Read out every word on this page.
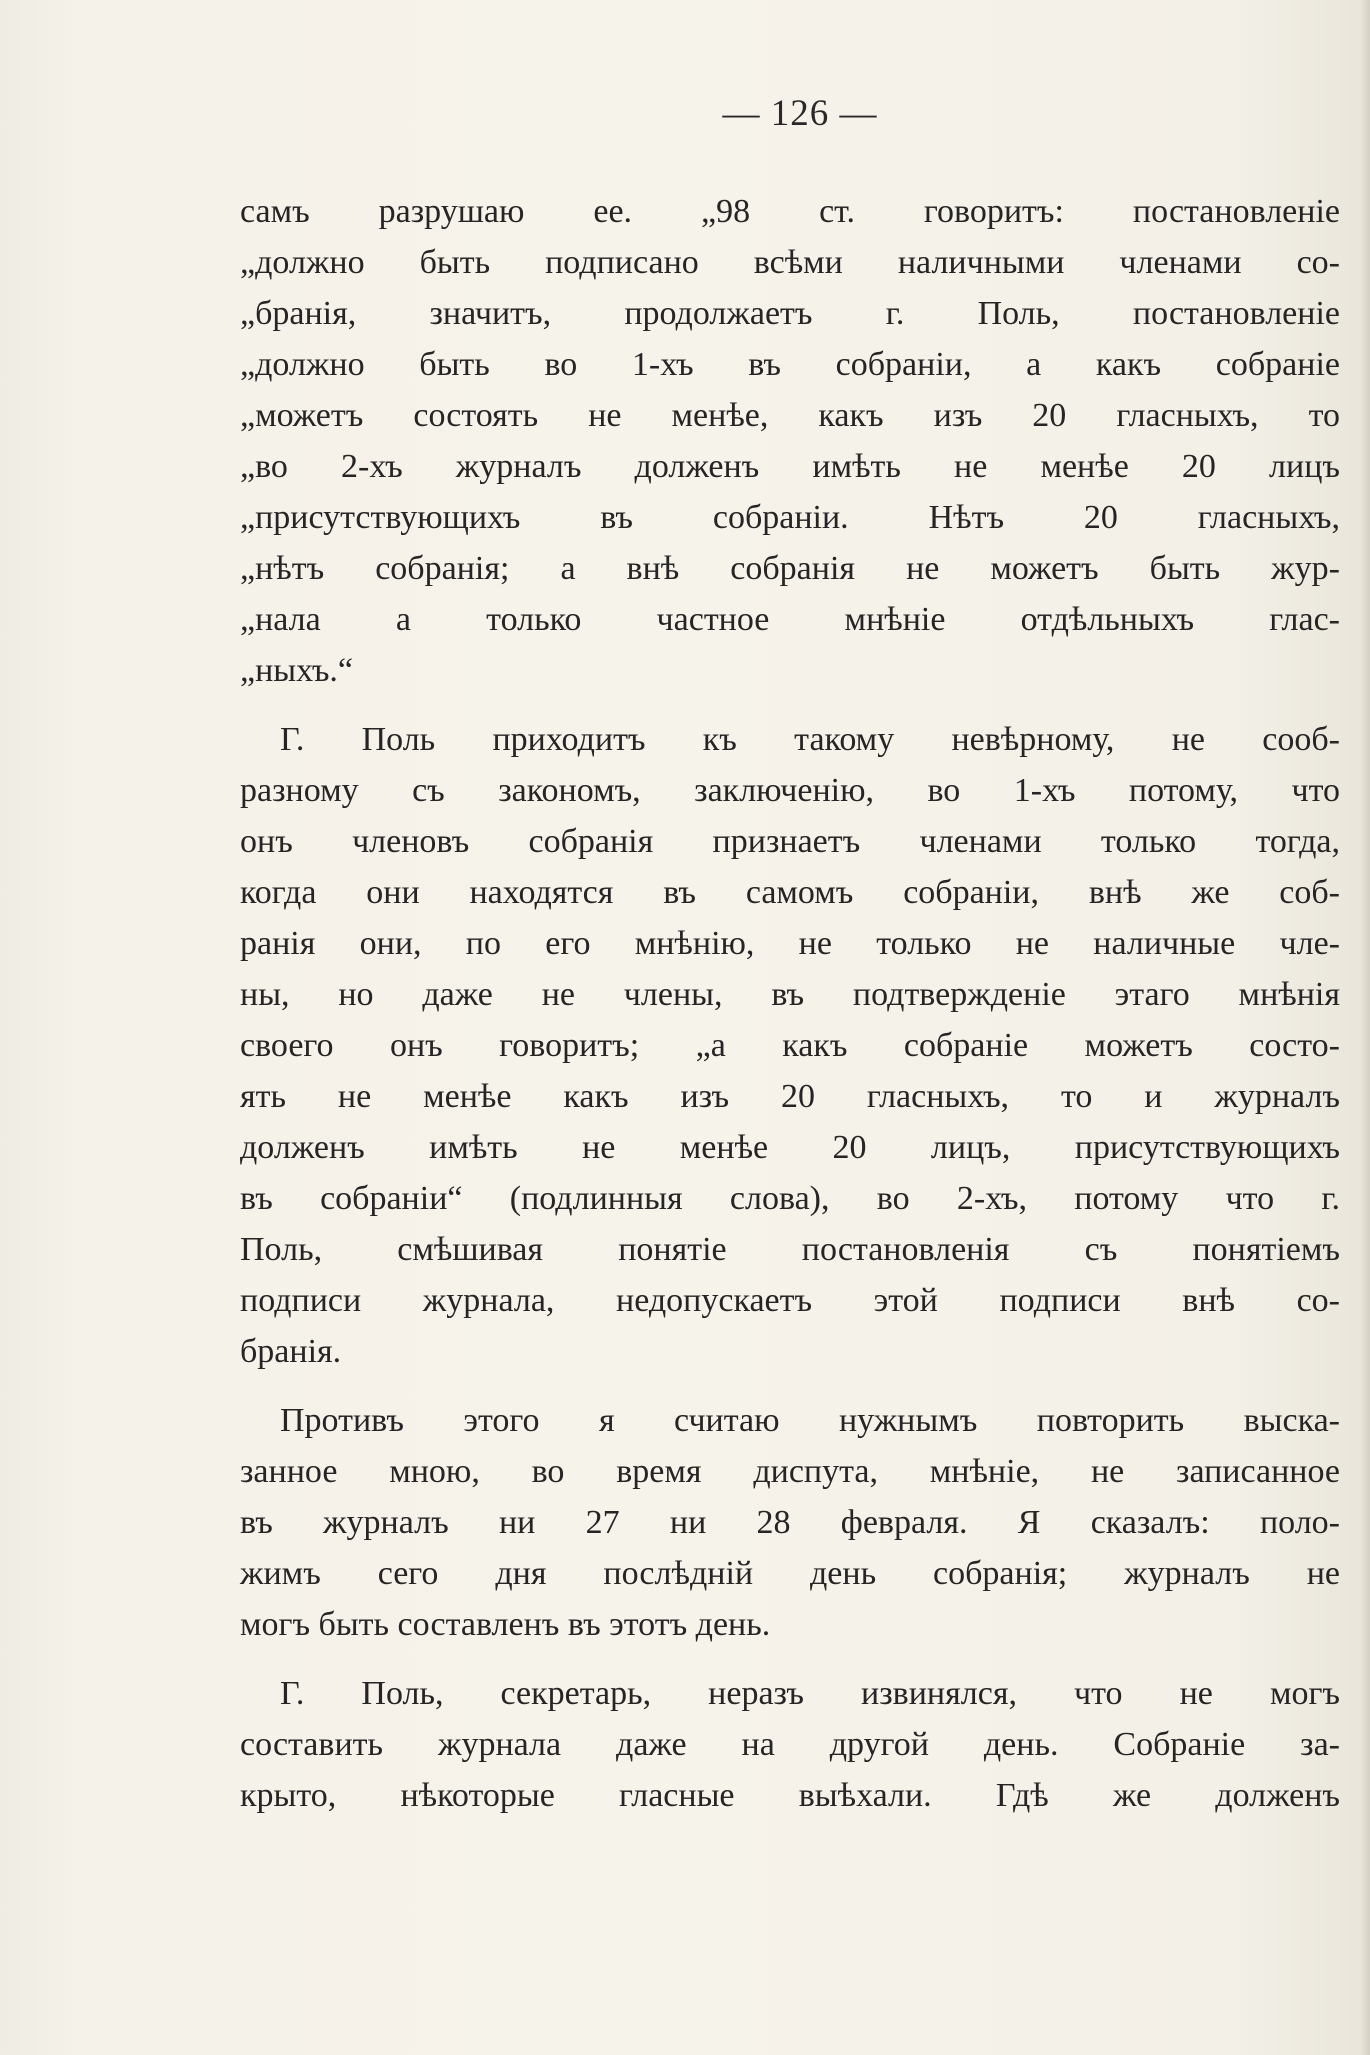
— 126 —
самъ разрушаю ее. „98 ст. говоритъ: постановленіе
„должно быть подписано всѣми наличными членами со-
„бранія, значитъ, продолжаетъ г. Поль, постановленіе
„должно быть во 1-хъ въ собраніи, а какъ собраніе
„можетъ состоять не менѣе, какъ изъ 20 гласныхъ, то
„во 2-хъ журналъ долженъ имѣть не менѣе 20 лицъ
„присутствующихъ въ собраніи. Нѣтъ 20 гласныхъ,
„нѣтъ собранія; а внѣ собранія не можетъ быть жур-
„нала а только частное мнѣніе отдѣльныхъ глас-
„ныхъ.“
Г. Поль приходитъ къ такому невѣрному, не сооб-
разному съ закономъ, заключенію, во 1-хъ потому, что
онъ членовъ собранія признаетъ членами только тогда,
когда они находятся въ самомъ собраніи, внѣ же соб-
ранія они, по его мнѣнію, не только не наличные чле-
ны, но даже не члены, въ подтвержденіе этаго мнѣнія
своего онъ говоритъ; „а какъ собраніе можетъ состо-
ять не менѣе какъ изъ 20 гласныхъ, то и журналъ
долженъ имѣть не менѣе 20 лицъ, присутствующихъ
въ собраніи“ (подлинныя слова), во 2-хъ, потому что г.
Поль, смѣшивая понятіе постановленія съ понятіемъ
подписи журнала, недопускаетъ этой подписи внѣ со-
бранія.
Противъ этого я считаю нужнымъ повторить выска-
занное мною, во время диспута, мнѣніе, не записанное
въ журналъ ни 27 ни 28 февраля. Я сказалъ: поло-
жимъ сего дня послѣдній день собранія; журналъ не
могъ быть составленъ въ этотъ день.
Г. Поль, секретарь, неразъ извинялся, что не могъ
составить журнала даже на другой день. Собраніе за-
крыто, нѣкоторые гласные выѣхали. Гдѣ же долженъ
